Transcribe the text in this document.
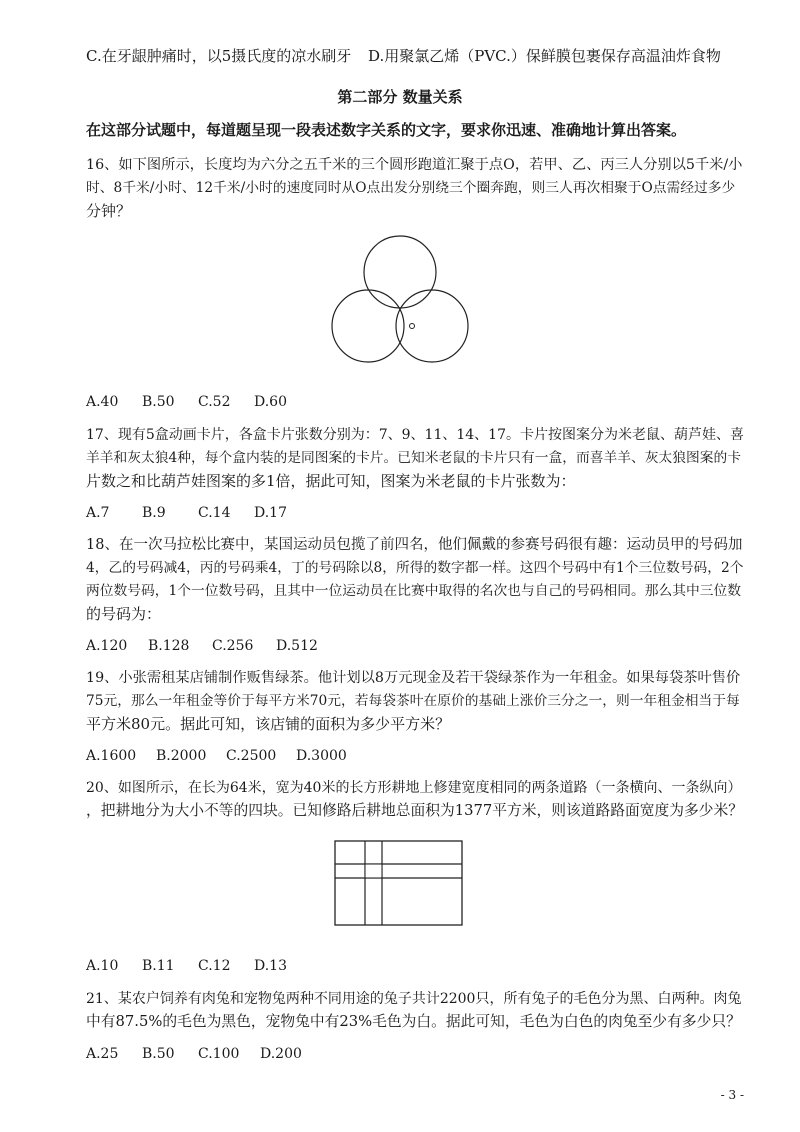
C.在牙龈肿痛时，以5摄氏度的凉水刷牙 D.用聚氯乙烯（PVC.）保鲜膜包裹保存高温油炸食物
第二部分 数量关系
在这部分试题中，每道题呈现一段表述数字关系的文字，要求你迅速、准确地计算出答案。
16、如下图所示，长度均为六分之五千米的三个圆形跑道汇聚于点O，若甲、乙、丙三人分别以5千米/小
时、8千米/小时、12千米/小时的速度同时从O点出发分别绕三个圈奔跑，则三人再次相聚于O点需经过多少
分钟？
A.40 B.50 C.52 D.60
17、现有5盒动画卡片，各盒卡片张数分别为：7、9、11、14、17。卡片按图案分为米老鼠、葫芦娃、喜
羊羊和灰太狼4种，每个盒内装的是同图案的卡片。已知米老鼠的卡片只有一盒，而喜羊羊、灰太狼图案的卡
片数之和比葫芦娃图案的多1倍，据此可知，图案为米老鼠的卡片张数为：
A.7 B.9 C.14 D.17
18、在一次马拉松比赛中，某国运动员包揽了前四名，他们佩戴的参赛号码很有趣：运动员甲的号码加
4，乙的号码减4，丙的号码乘4，丁的号码除以8，所得的数字都一样。这四个号码中有1个三位数号码，2个
两位数号码，1个一位数号码，且其中一位运动员在比赛中取得的名次也与自己的号码相同。那么其中三位数
的号码为：
A.120 B.128 C.256 D.512
19、小张需租某店铺制作贩售绿茶。他计划以8万元现金及若干袋绿茶作为一年租金。如果每袋茶叶售价
75元，那么一年租金等价于每平方米70元，若每袋茶叶在原价的基础上涨价三分之一，则一年租金相当于每
平方米80元。据此可知，该店铺的面积为多少平方米？
A.1600 B.2000 C.2500 D.3000
20、如图所示，在长为64米，宽为40米的长方形耕地上修建宽度相同的两条道路（一条横向、一条纵向）
，把耕地分为大小不等的四块。已知修路后耕地总面积为1377平方米，则该道路路面宽度为多少米？
A.10 B.11 C.12 D.13
21、某农户饲养有肉兔和宠物兔两种不同用途的兔子共计2200只，所有兔子的毛色分为黑、白两种。肉兔
中有87.5%的毛色为黑色，宠物兔中有23%毛色为白。据此可知，毛色为白色的肉兔至少有多少只？
A.25 B.50 C.100 D.200
- 3 -
